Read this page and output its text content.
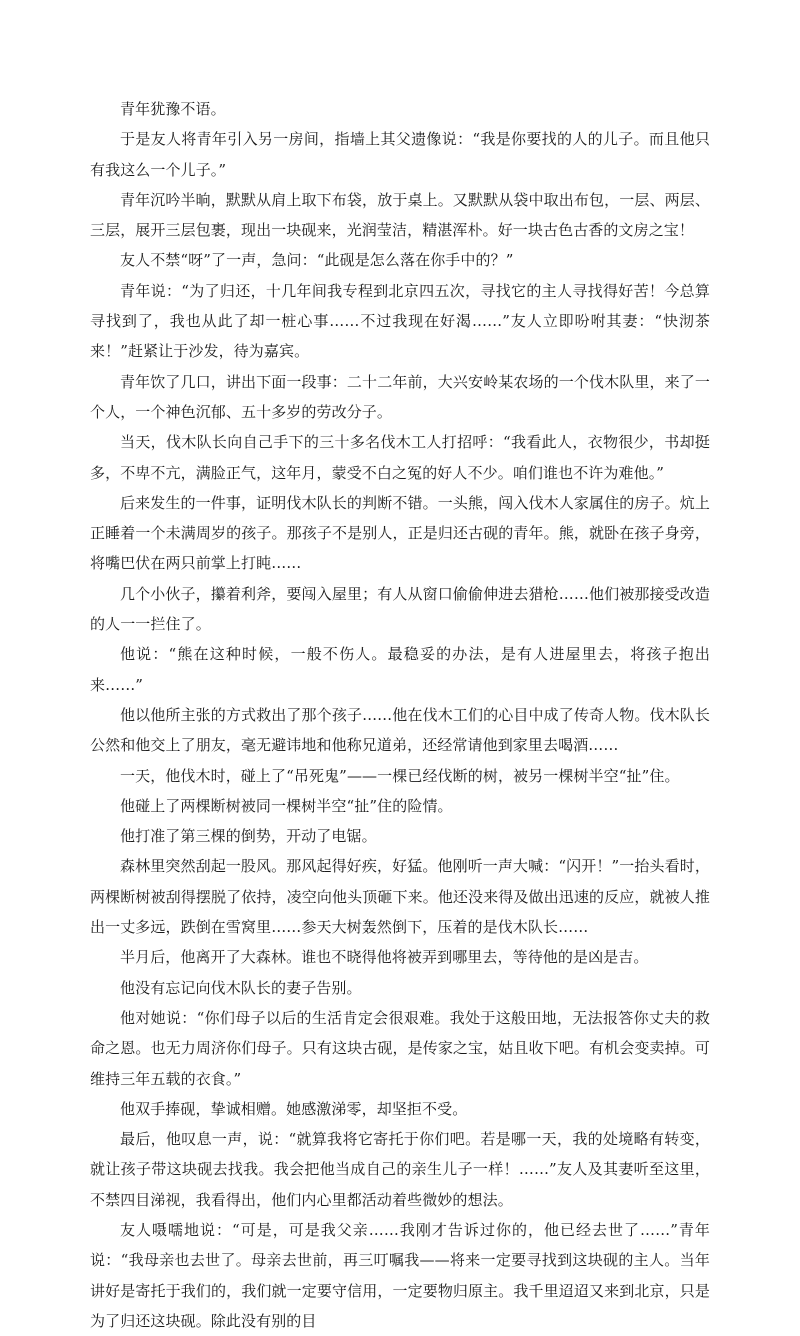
青年犹豫不语。

于是友人将青年引入另一房间，指墙上其父遗像说：“我是你要找的人的儿子。而且他只有我这么一个儿子。”

青年沉吟半晌，默默从肩上取下布袋，放于桌上。又默默从袋中取出布包，一层、两层、三层，展开三层包裹，现出一块砚来，光润莹洁，精湛浑朴。好一块古色古香的文房之宝！

友人不禁“呀”了一声，急问：“此砚是怎么落在你手中的？”

青年说：“为了归还，十几年间我专程到北京四五次，寻找它的主人寻找得好苦！今总算寻找到了，我也从此了却一桩心事……不过我现在好渴……”友人立即吩咐其妻：“快沏茶来！”赶紧让于沙发，待为嘉宾。

青年饮了几口，讲出下面一段事：二十二年前，大兴安岭某农场的一个伐木队里，来了一个人，一个神色沉郁、五十多岁的劳改分子。

当天，伐木队长向自己手下的三十多名伐木工人打招呼：“我看此人，衣物很少，书却挺多，不卑不亢，满脸正气，这年月，蒙受不白之冤的好人不少。咱们谁也不许为难他。”

后来发生的一件事，证明伐木队长的判断不错。一头熊，闯入伐木人家属住的房子。炕上正睡着一个未满周岁的孩子。那孩子不是别人，正是归还古砚的青年。熊，就卧在孩子身旁，将嘴巴伏在两只前掌上打盹……

几个小伙子，攥着利斧，要闯入屋里；有人从窗口偷偷伸进去猎枪……他们被那接受改造的人一一拦住了。

他说：“熊在这种时候，一般不伤人。最稳妥的办法，是有人进屋里去，将孩子抱出来……”

他以他所主张的方式救出了那个孩子……他在伐木工们的心目中成了传奇人物。伐木队长公然和他交上了朋友，毫无避讳地和他称兄道弟，还经常请他到家里去喝酒……

一天，他伐木时，碰上了“吊死鬼”——一棵已经伐断的树，被另一棵树半空“扯”住。

他碰上了两棵断树被同一棵树半空“扯”住的险情。

他打准了第三棵的倒势，开动了电锯。

森林里突然刮起一股风。那风起得好疾，好猛。他刚听一声大喊：“闪开！”一抬头看时，两棵断树被刮得摆脱了依持，凌空向他头顶砸下来。他还没来得及做出迅速的反应，就被人推出一丈多远，跌倒在雪窝里……参天大树轰然倒下，压着的是伐木队长……

半月后，他离开了大森林。谁也不晓得他将被弄到哪里去，等待他的是凶是吉。

他没有忘记向伐木队长的妻子告别。

他对她说：“你们母子以后的生活肯定会很艰难。我处于这般田地，无法报答你丈夫的救命之恩。也无力周济你们母子。只有这块古砚，是传家之宝，姑且收下吧。有机会变卖掉。可维持三年五载的衣食。”

他双手捧砚，挚诚相赠。她感激涕零，却坚拒不受。

最后，他叹息一声，说：“就算我将它寄托于你们吧。若是哪一天，我的处境略有转变，就让孩子带这块砚去找我。我会把他当成自己的亲生儿子一样！……”友人及其妻听至这里，不禁四目涕视，我看得出，他们内心里都活动着些微妙的想法。

友人嗫嚅地说：“可是，可是我父亲……我刚才告诉过你的，他已经去世了……”青年说：“我母亲也去世了。母亲去世前，再三叮嘱我——将来一定要寻找到这块砚的主人。当年讲好是寄托于我们的，我们就一定要守信用，一定要物归原主。我千里迢迢又来到北京，只是为了归还这块砚。除此没有别的目
